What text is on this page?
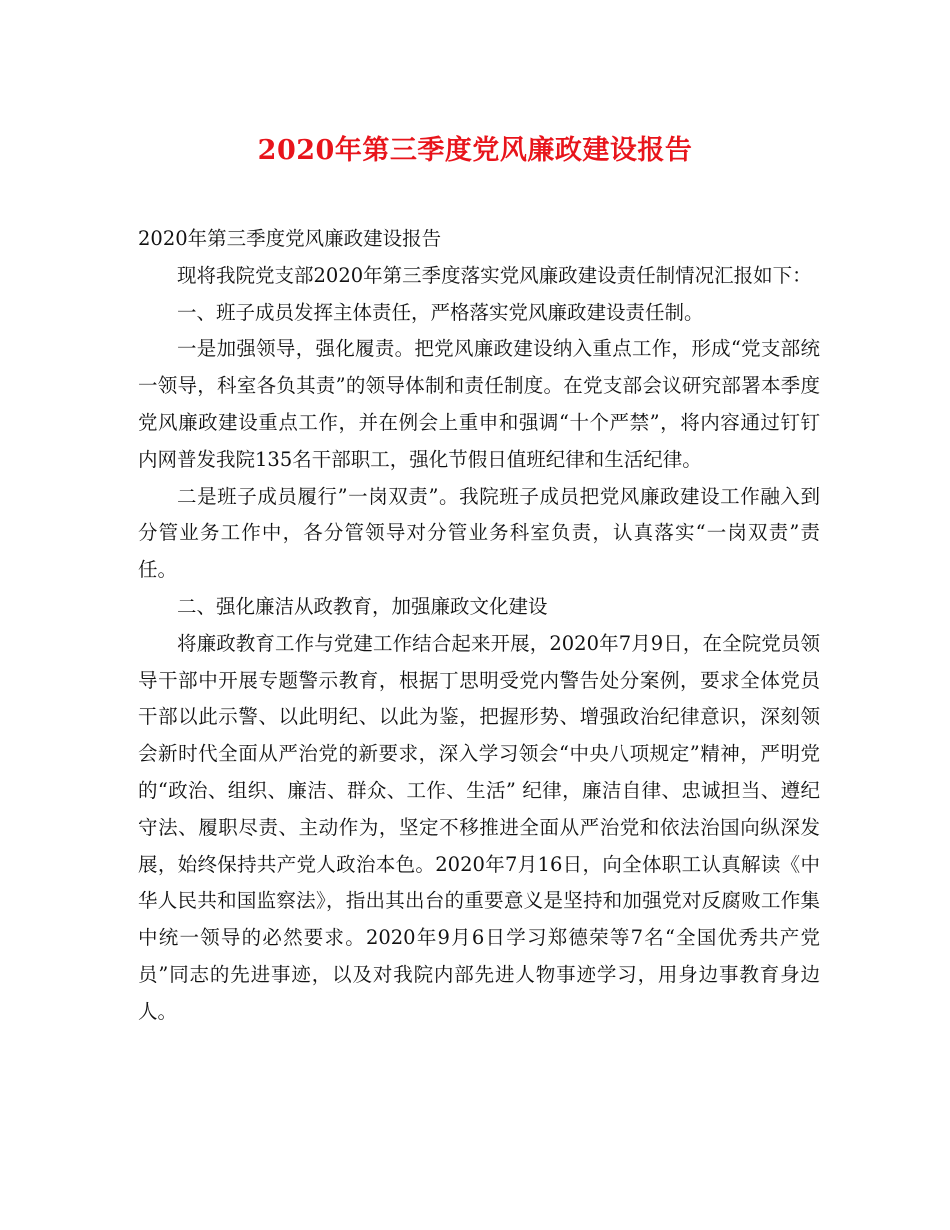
2020年第三季度党风廉政建设报告

2020年第三季度党风廉政建设报告

现将我院党支部2020年第三季度落实党风廉政建设责任制情况汇报如下：

一、班子成员发挥主体责任，严格落实党风廉政建设责任制。

一是加强领导，强化履责。把党风廉政建设纳入重点工作，形成“党支部统一领导，科室各负其责”的领导体制和责任制度。在党支部会议研究部署本季度党风廉政建设重点工作，并在例会上重申和强调“十个严禁”，将内容通过钉钉内网普发我院135名干部职工，强化节假日值班纪律和生活纪律。

二是班子成员履行”一岗双责”。我院班子成员把党风廉政建设工作融入到分管业务工作中，各分管领导对分管业务科室负责，认真落实“一岗双责”责任。

二、强化廉洁从政教育，加强廉政文化建设

将廉政教育工作与党建工作结合起来开展，2020年7月9日，在全院党员领导干部中开展专题警示教育，根据丁思明受党内警告处分案例，要求全体党员干部以此示警、以此明纪、以此为鉴，把握形势、增强政治纪律意识，深刻领会新时代全面从严治党的新要求，深入学习领会“中央八项规定”精神，严明党的“政治、组织、廉洁、群众、工作、生活” 纪律，廉洁自律、忠诚担当、遵纪守法、履职尽责、主动作为，坚定不移推进全面从严治党和依法治国向纵深发展，始终保持共产党人政治本色。2020年7月16日，向全体职工认真解读《中华人民共和国监察法》，指出其出台的重要意义是坚持和加强党对反腐败工作集中统一领导的必然要求。2020年9月6日学习郑德荣等7名“全国优秀共产党员”同志的先进事迹，以及对我院内部先进人物事迹学习，用身边事教育身边人。
